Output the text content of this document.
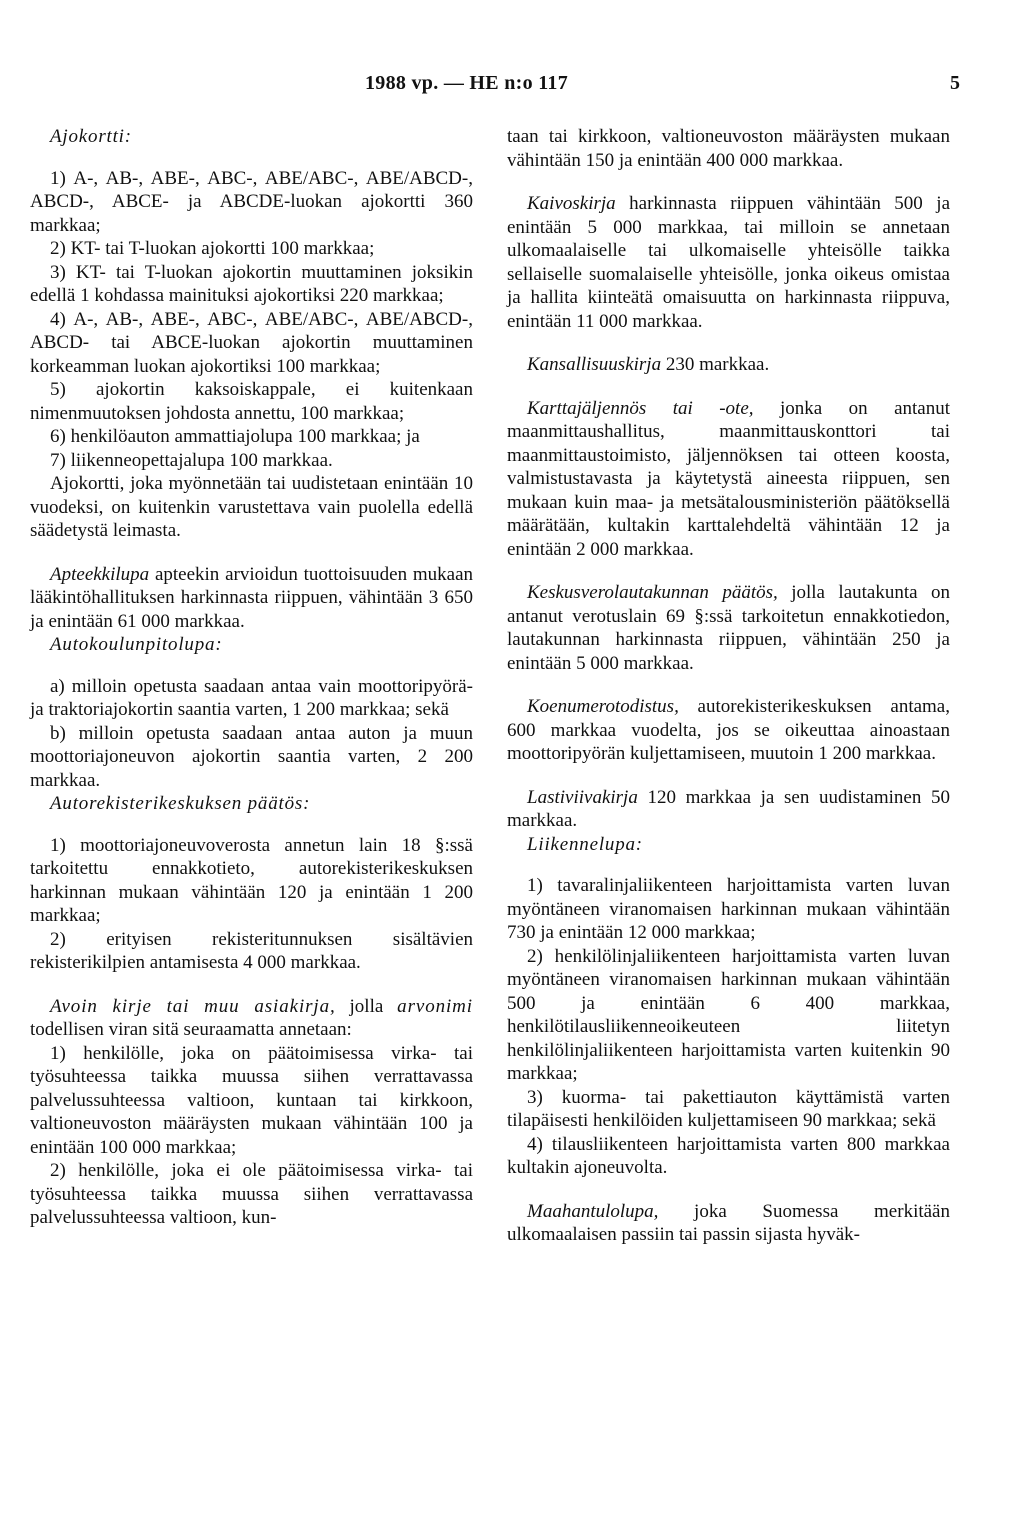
1988 vp. — HE n:o 117	5

Ajokortti:

1) A-, AB-, ABE-, ABC-, ABE/ABC-, ABE/ABCD-, ABCD-, ABCE- ja ABCDE-luokan ajokortti 360 markkaa;

2) KT- tai T-luokan ajokortti 100 markkaa;

3) KT- tai T-luokan ajokortin muuttaminen joksikin edellä 1 kohdassa mainituksi ajokortiksi 220 markkaa;

4) A-, AB-, ABE-, ABC-, ABE/ABC-, ABE/ABCD-, ABCD- tai ABCE-luokan ajokortin muuttaminen korkeamman luokan ajokortiksi 100 markkaa;

5) ajokortin kaksoiskappale, ei kuitenkaan nimenmuutoksen johdosta annettu, 100 markkaa;

6) henkilöauton ammattiajolupa 100 markkaa; ja

7) liikenneopettajalupa 100 markkaa.

Ajokortti, joka myönnetään tai uudistetaan enintään 10 vuodeksi, on kuitenkin varustettava vain puolella edellä säädetystä leimasta.

Apteekkilupa apteekin arvioidun tuottoisuuden mukaan lääkintöhallituksen harkinnasta riippuen, vähintään 3 650 ja enintään 61 000 markkaa.

Autokoulunpitolupa:

a) milloin opetusta saadaan antaa vain moottoripyörä- ja traktoriajokortin saantia varten, 1 200 markkaa; sekä

b) milloin opetusta saadaan antaa auton ja muun moottoriajoneuvon ajokortin saantia varten, 2 200 markkaa.

Autorekisterikeskuksen päätös:

1) moottoriajoneuvoverosta annetun lain 18 §:ssä tarkoitettu ennakkotieto, autorekisterikeskuksen harkinnan mukaan vähintään 120 ja enintään 1 200 markkaa;

2) erityisen rekisteritunnuksen sisältävien rekisterikilpien antamisesta 4 000 markkaa.

Avoin kirje tai muu asiakirja, jolla arvonimi todellisen viran sitä seuraamatta annetaan:

1) henkilölle, joka on päätoimisessa virka- tai työsuhteessa taikka muussa siihen verrattavassa palvelussuhteessa valtioon, kuntaan tai kirkkoon, valtioneuvoston määräysten mukaan vähintään 100 ja enintään 100 000 markkaa;

2) henkilölle, joka ei ole päätoimisessa virka- tai työsuhteessa taikka muussa siihen verrattavassa palvelussuhteessa valtioon, kun-

taan tai kirkkoon, valtioneuvoston määräysten mukaan vähintään 150 ja enintään 400 000 markkaa.

Kaivoskirja harkinnasta riippuen vähintään 500 ja enintään 5 000 markkaa, tai milloin se annetaan ulkomaalaiselle tai ulkomaiselle yhteisölle taikka sellaiselle suomalaiselle yhteisölle, jonka oikeus omistaa ja hallita kiinteätä omaisuutta on harkinnasta riippuva, enintään 11 000 markkaa.

Kansallisuuskirja 230 markkaa.

Karttajäljennös tai -ote, jonka on antanut maanmittaushallitus, maanmittauskonttori tai maanmittaustoimisto, jäljennöksen tai otteen koosta, valmistustavasta ja käytetystä aineesta riippuen, sen mukaan kuin maa- ja metsätalousministeriön päätöksellä määrätään, kultakin karttalehdeltä vähintään 12 ja enintään 2 000 markkaa.

Keskusverolautakunnan päätös, jolla lautakunta on antanut verotuslain 69 §:ssä tarkoitetun ennakkotiedon, lautakunnan harkinnasta riippuen, vähintään 250 ja enintään 5 000 markkaa.

Koenumerotodistus, autorekisterikeskuksen antama, 600 markkaa vuodelta, jos se oikeuttaa ainoastaan moottoripyörän kuljettamiseen, muutoin 1 200 markkaa.

Lastiviivakirja 120 markkaa ja sen uudistaminen 50 markkaa.

Liikennelupa:

1) tavaralinjaliikenteen harjoittamista varten luvan myöntäneen viranomaisen harkinnan mukaan vähintään 730 ja enintään 12 000 markkaa;

2) henkilölinjaliikenteen harjoittamista varten luvan myöntäneen viranomaisen harkinnan mukaan vähintään 500 ja enintään 6 400 markkaa, henkilötilausliikenneoikeuteen liitetyn henkilölinjaliikenteen harjoittamista varten kuitenkin 90 markkaa;

3) kuorma- tai pakettiauton käyttämistä varten tilapäisesti henkilöiden kuljettamiseen 90 markkaa; sekä

4) tilausliikenteen harjoittamista varten 800 markkaa kultakin ajoneuvolta.

Maahantulolupa, joka Suomessa merkitään ulkomaalaisen passiin tai passin sijasta hyväk-
